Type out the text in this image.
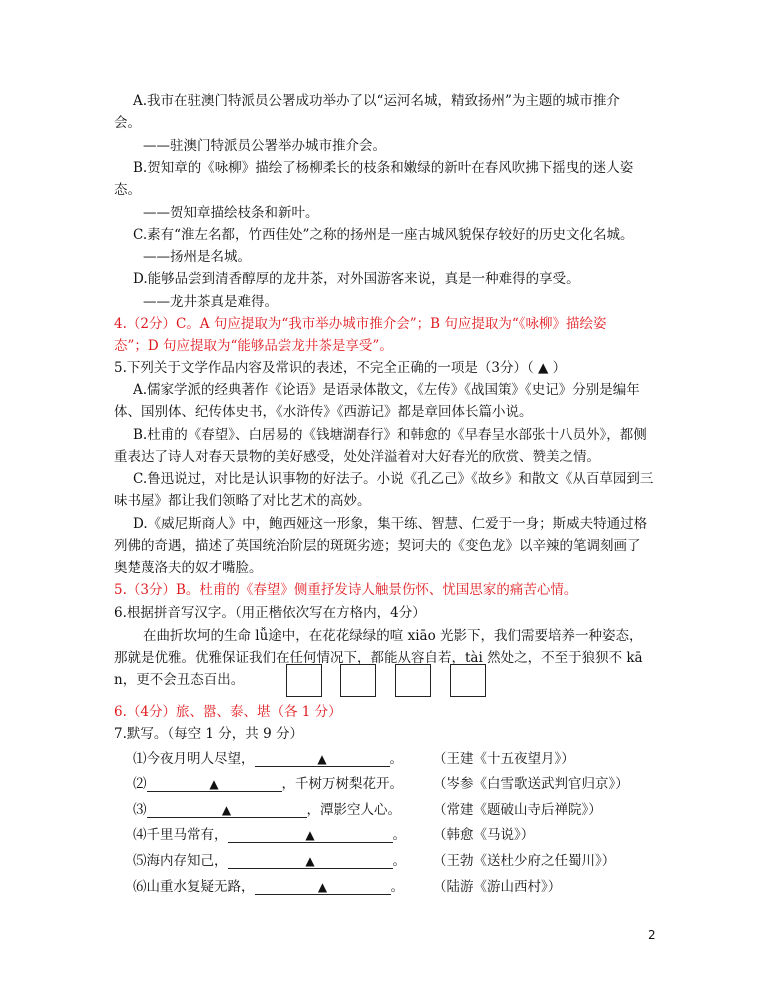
A.我市在驻澳门特派员公署成功举办了以“运河名城，精致扬州”为主题的城市推介
会。
——驻澳门特派员公署举办城市推介会。
B.贺知章的《咏柳》描绘了杨柳柔长的枝条和嫩绿的新叶在春风吹拂下摇曳的迷人姿
态。
——贺知章描绘枝条和新叶。
C.素有“淮左名都，竹西佳处”之称的扬州是一座古城风貌保存较好的历史文化名城。
——扬州是名城。
D.能够品尝到清香醇厚的龙井茶，对外国游客来说，真是一种难得的享受。
——龙井茶真是难得。
4.（2分）C。A 句应提取为“我市举办城市推介会”；B 句应提取为“《咏柳》描绘姿
态”；D 句应提取为“能够品尝龙井茶是享受”。
5.下列关于文学作品内容及常识的表述，不完全正确的一项是（3分）（ ▲ ）
A.儒家学派的经典著作《论语》是语录体散文，《左传》《战国策》《史记》分别是编年
体、国别体、纪传体史书，《水浒传》《西游记》都是章回体长篇小说。
B.杜甫的《春望》、白居易的《钱塘湖春行》和韩愈的《早春呈水部张十八员外》，都侧
重表达了诗人对春天景物的美好感受，处处洋溢着对大好春光的欣赏、赞美之情。
C.鲁迅说过，对比是认识事物的好法子。小说《孔乙己》《故乡》和散文《从百草园到三
味书屋》都让我们领略了对比艺术的高妙。
D.《威尼斯商人》中，鲍西娅这一形象，集干练、智慧、仁爱于一身；斯威夫特通过格
列佛的奇遇，描述了英国统治阶层的斑斑劣迹；契诃夫的《变色龙》以辛辣的笔调刻画了
奥楚蔑洛夫的奴才嘴脸。
5.（3分）B。杜甫的《春望》侧重抒发诗人触景伤怀、忧国思家的痛苦心情。
6.根据拼音写汉字。（用正楷依次写在方格内，4分）
在曲折坎坷的生命 lǚ途中，在花花绿绿的喧 xiāo 光影下，我们需要培养一种姿态，
那就是优雅。优雅保证我们在任何情况下，都能从容自若，tài 然处之，不至于狼狈不 kā
n，更不会丑态百出。
6.（4分）旅、嚣、泰、堪（各 1 分）
7.默写。（每空 1 分，共 9 分）
⑴今夜月明人尽望，	▲	。 （王建《十五夜望月》）
⑵	▲	，千树万树梨花开。 （岑参《白雪歌送武判官归京》）
⑶	▲	，潭影空人心。 （常建《题破山寺后禅院》）
⑷千里马常有，	▲	。 （韩愈《马说》）
⑸海内存知己，	▲	。 （王勃《送杜少府之任蜀川》）
⑹山重水复疑无路，	▲	。 （陆游《游山西村》）
2
